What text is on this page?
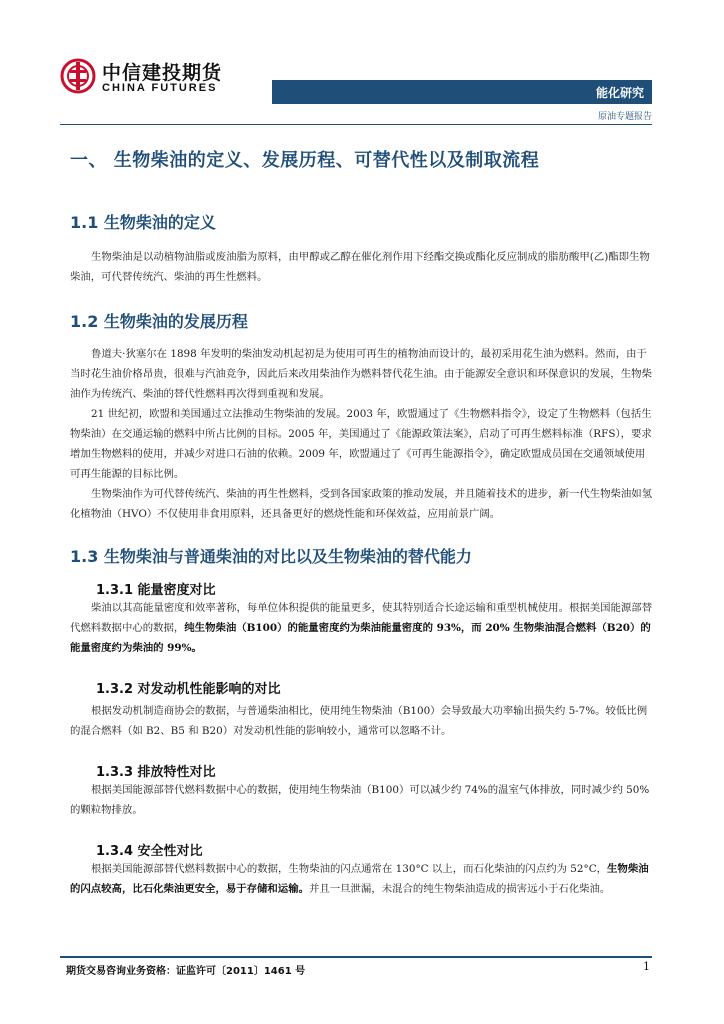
中信建投期货
CHINA FUTURES	能化研究
原油专题报告
一、 生物柴油的定义、发展历程、可替代性以及制取流程
1.1 生物柴油的定义

生物柴油是以动植物油脂或废油脂为原料，由甲醇或乙醇在催化剂作用下经酯交换或酯化反应制成的脂肪酸甲(乙)酯即生物柴油，可代替传统汽、柴油的再生性燃料。

1.2 生物柴油的发展历程

鲁道夫·狄塞尔在 1898 年发明的柴油发动机起初是为使用可再生的植物油而设计的，最初采用花生油为燃料。然而，由于当时花生油价格昂贵，很难与汽油竞争，因此后来改用柴油作为燃料替代花生油。由于能源安全意识和环保意识的发展，生物柴油作为传统汽、柴油的替代性燃料再次得到重视和发展。

21 世纪初，欧盟和美国通过立法推动生物柴油的发展。2003 年，欧盟通过了《生物燃料指令》，设定了生物燃料（包括生物柴油）在交通运输的燃料中所占比例的目标。2005 年，美国通过了《能源政策法案》，启动了可再生燃料标准（RFS），要求增加生物燃料的使用，并减少对进口石油的依赖。2009 年，欧盟通过了《可再生能源指令》，确定欧盟成员国在交通领域使用可再生能源的目标比例。

生物柴油作为可代替传统汽、柴油的再生性燃料，受到各国家政策的推动发展，并且随着技术的进步，新一代生物柴油如氢化植物油（HVO）不仅使用非食用原料，还具备更好的燃烧性能和环保效益，应用前景广阔。

1.3 生物柴油与普通柴油的对比以及生物柴油的替代能力
1.3.1 能量密度对比

柴油以其高能量密度和效率著称，每单位体积提供的能量更多，使其特别适合长途运输和重型机械使用。根据美国能源部替代燃料数据中心的数据，纯生物柴油（B100）的能量密度约为柴油能量密度的 93%，而 20% 生物柴油混合燃料（B20）的能量密度约为柴油的 99%。

1.3.2 对发动机性能影响的对比

根据发动机制造商协会的数据，与普通柴油相比，使用纯生物柴油（B100）会导致最大功率输出损失约 5-7%。较低比例的混合燃料（如 B2、B5 和 B20）对发动机性能的影响较小，通常可以忽略不计。

1.3.3 排放特性对比

根据美国能源部替代燃料数据中心的数据，使用纯生物柴油（B100）可以减少约 74%的温室气体排放，同时减少约 50%的颗粒物排放。

1.3.4 安全性对比

根据美国能源部替代燃料数据中心的数据，生物柴油的闪点通常在 130°C 以上，而石化柴油的闪点约为 52°C，生物柴油的闪点较高，比石化柴油更安全，易于存储和运输。并且一旦泄漏，未混合的纯生物柴油造成的损害远小于石化柴油。

期货交易咨询业务资格：证监许可〔2011〕1461 号	1
